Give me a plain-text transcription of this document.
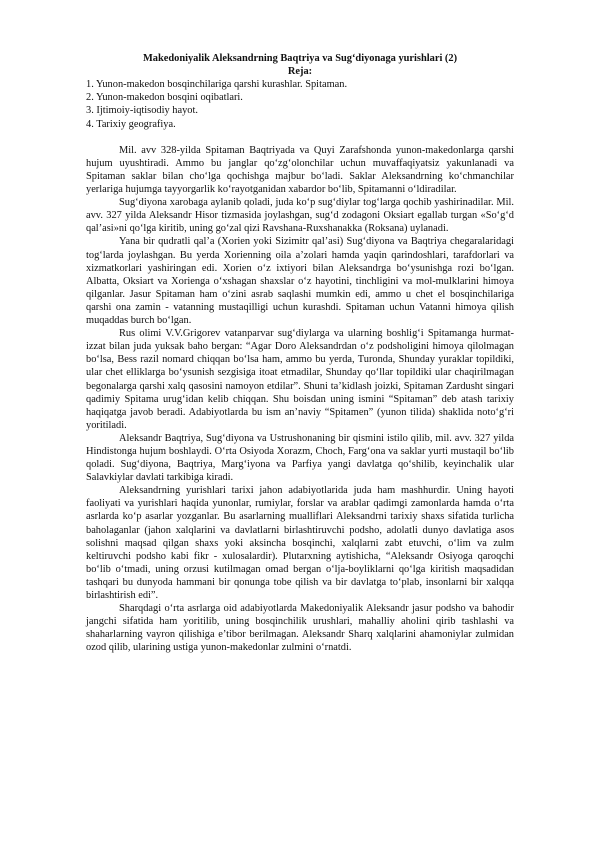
Makedoniyalik Aleksandrning Baqtriya va Sug‘diyonaga yurishlari (2)
Reja:
1. Yunon-makedon bosqinchilariga qarshi kurashlar. Spitaman.
2. Yunon-makedon bosqini oqibatlari.
3. Ijtimoiy-iqtisodiy hayot.
4. Tarixiy geografiya.

Mil. avv 328-yilda Spitaman Baqtriyada va Quyi Zarafshonda yunon-makedonlarga qarshi hujum uyushtiradi. Ammo bu janglar qo‘zg‘olonchilar uchun muvaffaqiyatsiz yakunlanadi va Spitaman saklar bilan cho‘lga qochishga majbur bo‘ladi. Saklar Aleksandrning ko‘chmanchilar yerlariga hujumga tayyorgarlik ko‘rayotganidan xabardor bo‘lib, Spitamanni o‘ldiradilar.

Sug‘diyona xarobaga aylanib qoladi, juda ko‘p sug‘diylar tog‘larga qochib yashirinadilar. Mil. avv. 327 yilda Aleksandr Hisor tizmasida joylashgan, sug‘d zodagoni Oksiart egallab turgan «So‘g‘d qal’asi»ni qo‘lga kiritib, uning go‘zal qizi Ravshana-Ruxshanakka (Roksana) uylanadi.

Yana bir qudratli qal’a (Xorien yoki Sizimitr qal’asi) Sug‘diyona va Baqtriya chegaralaridagi tog‘larda joylashgan. Bu yerda Xorienning oila a’zolari hamda yaqin qarindoshlari, tarafdorlari va xizmatkorlari yashiringan edi. Xorien o‘z ixtiyori bilan Aleksandrga bo‘ysunishga rozi bo‘lgan. Albatta, Oksiart va Xorienga o‘xshagan shaxslar o‘z hayotini, tinchligini va mol-mulklarini himoya qilganlar. Jasur Spitaman ham o‘zini asrab saqlashi mumkin edi, ammo u chet el bosqinchilariga qarshi ona zamin - vatanning mustaqilligi uchun kurashdi. Spitaman uchun Vatanni himoya qilish muqaddas burch bo‘lgan.

Rus olimi V.V.Grigorev vatanparvar sug‘diylarga va ularning boshlig‘i Spitamanga hurmat-izzat bilan juda yuksak baho bergan: “Agar Doro Aleksandrdan o‘z podsholigini himoya qilolmagan bo‘lsa, Bess razil nomard chiqqan bo‘lsa ham, ammo bu yerda, Turonda, Shunday yuraklar topildiki, ular chet elliklarga bo‘ysunish sezgisiga itoat etmadilar, Shunday qo‘llar topildiki ular chaqirilmagan begonalarga qarshi xalq qasosini namoyon etdilar”. Shuni ta’kidlash joizki, Spitaman Zardusht singari qadimiy Spitama urug‘idan kelib chiqqan. Shu boisdan uning ismini “Spitaman” deb atash tarixiy haqiqatga javob beradi. Adabiyotlarda bu ism an’naviy “Spitamen” (yunon tilida) shaklida noto‘g‘ri yoritiladi.

Aleksandr Baqtriya, Sug‘diyona va Ustrushonaning bir qismini istilo qilib, mil. avv. 327 yilda Hindistonga hujum boshlaydi. O‘rta Osiyoda Xorazm, Choch, Farg‘ona va saklar yurti mustaqil bo‘lib qoladi. Sug‘diyona, Baqtriya, Marg‘iyona va Parfiya yangi davlatga qo‘shilib, keyinchalik ular Salavkiylar davlati tarkibiga kiradi.

Aleksandrning yurishlari tarixi jahon adabiyotlarida juda ham mashhurdir. Uning hayoti faoliyati va yurishlari haqida yunonlar, rumiylar, forslar va arablar qadimgi zamonlarda hamda o‘rta asrlarda ko‘p asarlar yozganlar. Bu asarlarning mualliflari Aleksandrni tarixiy shaxs sifatida turlicha baholaganlar (jahon xalqlarini va davlatlarni birlashtiruvchi podsho, adolatli dunyo davlatiga asos solishni maqsad qilgan shaxs yoki aksincha bosqinchi, xalqlarni zabt etuvchi, o‘lim va zulm keltiruvchi podsho kabi fikr - xulosalardir). Plutarxning aytishicha, “Aleksandr Osiyoga qaroqchi bo‘lib o‘tmadi, uning orzusi kutilmagan omad bergan o‘lja-boyliklarni qo‘lga kiritish maqsadidan tashqari bu dunyoda hammani bir qonunga tobe qilish va bir davlatga to‘plab, insonlarni bir xalqqa birlashtirish edi”.

Sharqdagi o‘rta asrlarga oid adabiyotlarda Makedoniyalik Aleksandr jasur podsho va bahodir jangchi sifatida ham yoritilib, uning bosqinchilik urushlari, mahalliy aholini qirib tashlashi va shaharlarning vayron qilishiga e’tibor berilmagan. Aleksandr Sharq xalqlarini ahamoniylar zulmidan ozod qilib, ularining ustiga yunon-makedonlar zulmini o‘rnatdi.
